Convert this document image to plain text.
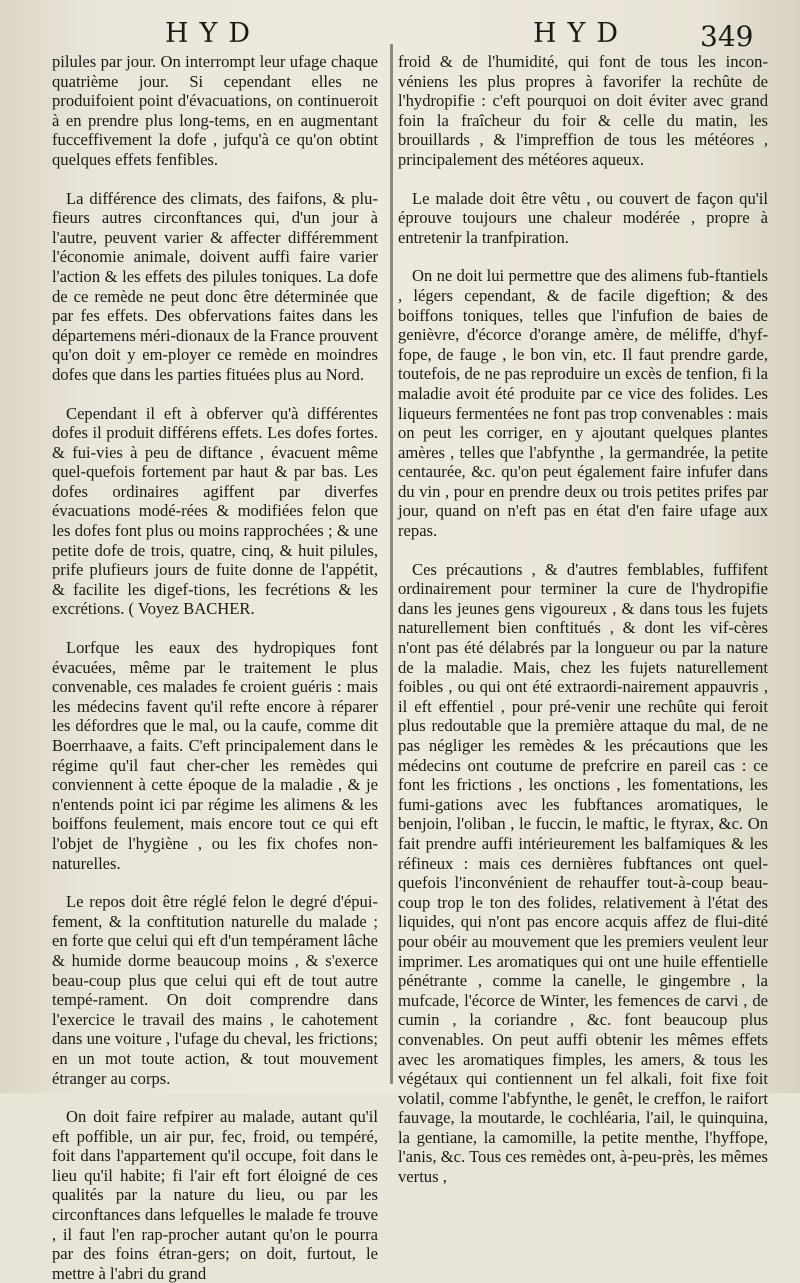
HYD	HYD	349

pilules par jour. On interrompt leur ufage chaque quatrième jour. Si cependant elles ne produifoient point d'évacuations, on continueroit à en prendre plus long-tems, en en augmentant fucceffivement la dofe , jufqu'à ce qu'on obtint quelques effets fenfibles.

La différence des climats, des faifons, & plu-fieurs autres circonftances qui, d'un jour à l'autre, peuvent varier & affecter différemment l'économie animale, doivent auffi faire varier l'action & les effets des pilules toniques. La dofe de ce remède ne peut donc être déterminée que par fes effets. Des obfervations faites dans les départemens méri-dionaux de la France prouvent qu'on doit y em-ployer ce remède en moindres dofes que dans les parties fituées plus au Nord.

Cependant il eft à obferver qu'à différentes dofes il produit différens effets. Les dofes fortes. & fui-vies à peu de diftance , évacuent même quel-quefois fortement par haut & par bas. Les dofes ordinaires agiffent par diverfes évacuations modé-rées & modifiées felon que les dofes font plus ou moins rapprochées ; & une petite dofe de trois, quatre, cinq, & huit pilules, prife plufieurs jours de fuite donne de l'appétit, & facilite les digef-tions, les fecrétions & les excrétions. ( Voyez BACHER.

Lorfque les eaux des hydropiques font évacuées, même par le traitement le plus convenable, ces malades fe croient guéris : mais les médecins favent qu'il refte encore à réparer les défordres que le mal, ou la caufe, comme dit Boerrhaave, a faits. C'eft principalement dans le régime qu'il faut cher-cher les remèdes qui conviennent à cette époque de la maladie , & je n'entends point ici par régime les alimens & les boiffons feulement, mais encore tout ce qui eft l'objet de l'hygiène , ou les fix chofes non-naturelles.

Le repos doit être réglé felon le degré d'épui-fement, & la conftitution naturelle du malade ; en forte que celui qui eft d'un tempérament lâche & humide dorme beaucoup moins , & s'exerce beau-coup plus que celui qui eft de tout autre tempé-rament. On doit comprendre dans l'exercice le travail des mains , le cahotement dans une voiture , l'ufage du cheval, les frictions; en un mot toute action, & tout mouvement étranger au corps.

On doit faire refpirer au malade, autant qu'il eft poffible, un air pur, fec, froid, ou tempéré, foit dans l'appartement qu'il occupe, foit dans le lieu qu'il habite; fi l'air eft fort éloigné de ces qualités par la nature du lieu, ou par les circonftances dans lefquelles le malade fe trouve , il faut l'en rap-procher autant qu'on le pourra par des foins étran-gers; on doit, furtout, le mettre à l'abri du grand

froid & de l'humidité, qui font de tous les incon-véniens les plus propres à favorifer la rechûte de l'hydropifie : c'eft pourquoi on doit éviter avec grand foin la fraîcheur du foir & celle du matin, les brouillards , & l'impreffion de tous les météores , principalement des météores aqueux.

Le malade doit être vêtu , ou couvert de façon qu'il éprouve toujours une chaleur modérée , propre à entretenir la tranfpiration.

On ne doit lui permettre que des alimens fub-ftantiels , légers cependant, & de facile digeftion; & des boiffons toniques, telles que l'infufion de baies de genièvre, d'écorce d'orange amère, de méliffe, d'hyf-fope, de fauge , le bon vin, etc. Il faut prendre garde, toutefois, de ne pas reproduire un excès de tenfion, fi la maladie avoit été produite par ce vice des folides. Les liqueurs fermentées ne font pas trop convenables : mais on peut les corriger, en y ajoutant quelques plantes amères , telles que l'abfynthe , la germandrée, la petite centaurée, &c. qu'on peut également faire infufer dans du vin , pour en prendre deux ou trois petites prifes par jour, quand on n'eft pas en état d'en faire ufage aux repas.

Ces précautions , & d'autres femblables, fuffifent ordinairement pour terminer la cure de l'hydropifie dans les jeunes gens vigoureux , & dans tous les fujets naturellement bien conftitués , & dont les vif-cères n'ont pas été délabrés par la longueur ou par la nature de la maladie. Mais, chez les fujets naturellement foibles , ou qui ont été extraordi-nairement appauvris , il eft effentiel , pour pré-venir une rechûte qui feroit plus redoutable que la première attaque du mal, de ne pas négliger les remèdes & les précautions que les médecins ont coutume de prefcrire en pareil cas : ce font les frictions , les onctions , les fomentations, les fumi-gations avec les fubftances aromatiques, le benjoin, l'oliban , le fuccin, le maftic, le ftyrax, &c. On fait prendre auffi intérieurement les balfamiques & les réfineux : mais ces dernières fubftances ont quel-quefois l'inconvénient de rehauffer tout-à-coup beau-coup trop le ton des folides, relativement à l'état des liquides, qui n'ont pas encore acquis affez de flui-dité pour obéir au mouvement que les premiers veulent leur imprimer. Les aromatiques qui ont une huile effentielle pénétrante , comme la canelle, le gingembre , la mufcade, l'écorce de Winter, les femences de carvi , de cumin , la coriandre , &c. font beaucoup plus convenables. On peut auffi obtenir les mêmes effets avec les aromatiques fimples, les amers, & tous les végétaux qui contiennent un fel alkali, foit fixe foit volatil, comme l'abfynthe, le genêt, le creffon, le raifort fauvage, la moutarde, le cochléaria, l'ail, le quinquina, la gentiane, la camomille, la petite menthe, l'hyffope, l'anis, &c. Tous ces remèdes ont, à-peu-près, les mêmes vertus ,
